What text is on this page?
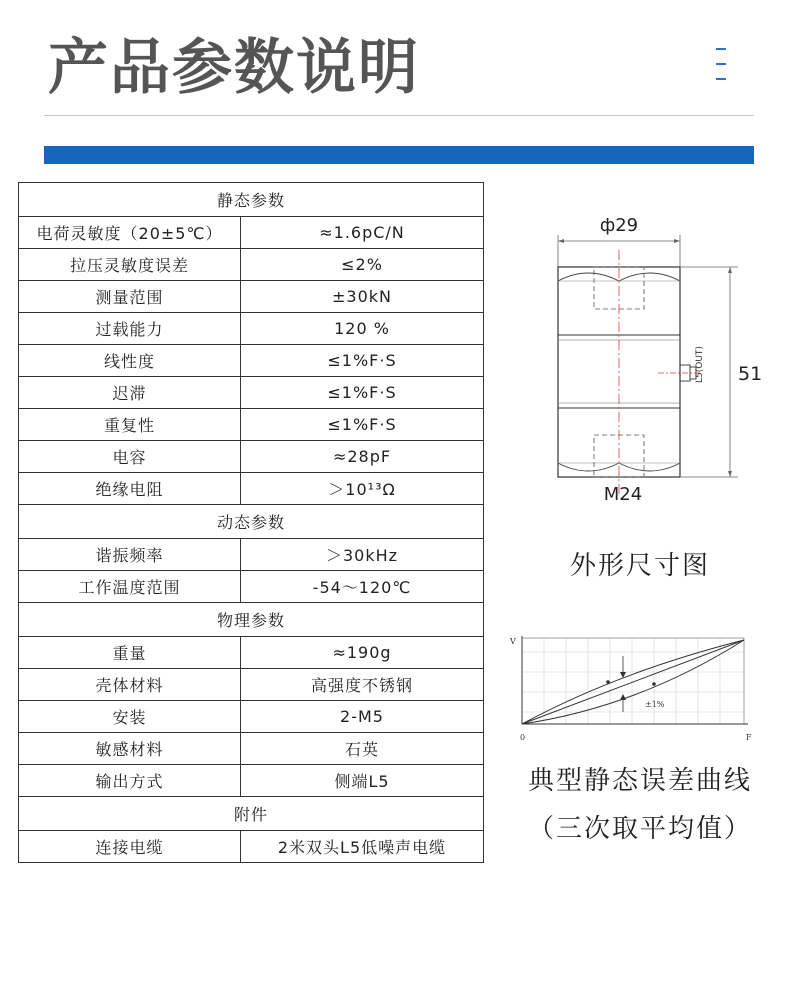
产品参数说明
静态参数	
电荷灵敏度（20±5℃）	≈1.6pC/N
拉压灵敏度误差	≤2%
测量范围	±30kN
过载能力	120 %
线性度	≤1%F·S
迟滞	≤1%F·S
重复性	≤1%F·S
电容	≈28pF
绝缘电阻	＞10¹³Ω
动态参数	
谐振频率	＞30kHz
工作温度范围	-54～120℃
物理参数	
重量	≈190g
壳体材料	高强度不锈钢
安装	2-M5
敏感材料	石英
输出方式	侧端L5
附件	
连接电缆	2米双头L5低噪声电缆
ф29
L5(OUT) 51
M24
外形尺寸图
±1%
V
0	F
典型静态误差曲线
（三次取平均值）
